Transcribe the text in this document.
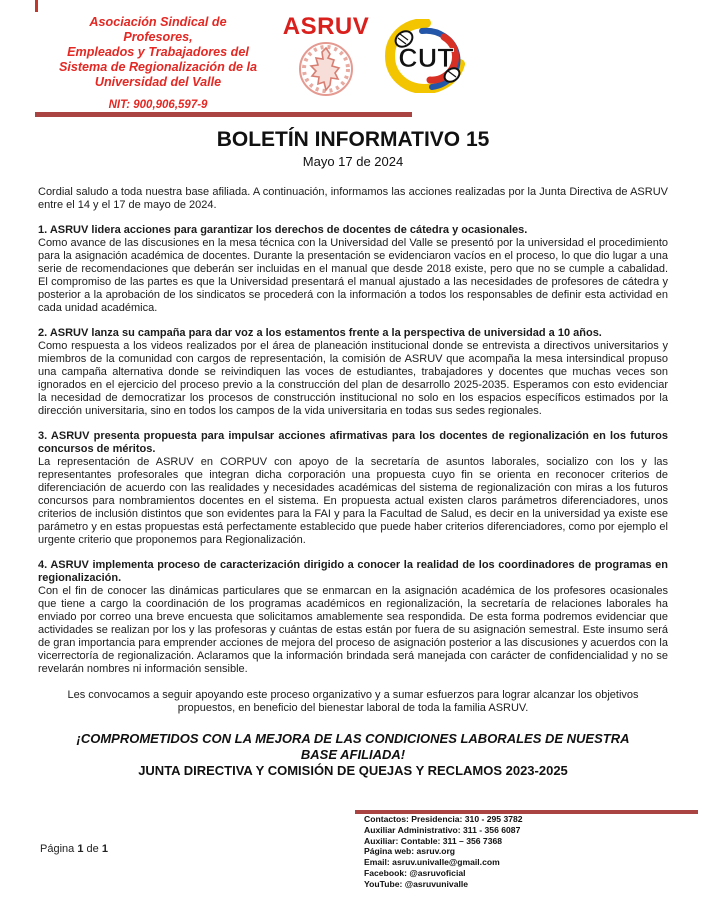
Asociación Sindical de Profesores,
Empleados y Trabajadores del
Sistema de Regionalización de la
Universidad del Valle
NIT: 900,906,597-9
ASRUV
CUT
BOLETÍN INFORMATIVO 15
Mayo 17 de 2024

Cordial saludo a toda nuestra base afiliada. A continuación, informamos las acciones realizadas por la Junta Directiva de ASRUV entre el 14 y el 17 de mayo de 2024.

1. ASRUV lidera acciones para garantizar los derechos de docentes de cátedra y ocasionales.

Como avance de las discusiones en la mesa técnica con la Universidad del Valle se presentó por la universidad el procedimiento para la asignación académica de docentes. Durante la presentación se evidenciaron vacíos en el proceso, lo que dio lugar a una serie de recomendaciones que deberán ser incluidas en el manual que desde 2018 existe, pero que no se cumple a cabalidad. El compromiso de las partes es que la Universidad presentará el manual ajustado a las necesidades de profesores de cátedra y posterior a la aprobación de los sindicatos se procederá con la información a todos los responsables de definir esta actividad en cada unidad académica.

2. ASRUV lanza su campaña para dar voz a los estamentos frente a la perspectiva de universidad a 10 años.

Como respuesta a los videos realizados por el área de planeación institucional donde se entrevista a directivos universitarios y miembros de la comunidad con cargos de representación, la comisión de ASRUV que acompaña la mesa intersindical propuso una campaña alternativa donde se reivindiquen las voces de estudiantes, trabajadores y docentes que muchas veces son ignorados en el ejercicio del proceso previo a la construcción del plan de desarrollo 2025-2035. Esperamos con esto evidenciar la necesidad de democratizar los procesos de construcción institucional no solo en los espacios específicos estimados por la dirección universitaria, sino en todos los campos de la vida universitaria en todas sus sedes regionales.

3. ASRUV presenta propuesta para impulsar acciones afirmativas para los docentes de regionalización en los futuros concursos de méritos.

La representación de ASRUV en CORPUV con apoyo de la secretaría de asuntos laborales, socializo con los y las representantes profesorales que integran dicha corporación una propuesta cuyo fin se orienta en reconocer criterios de diferenciación de acuerdo con las realidades y necesidades académicas del sistema de regionalización con miras a los futuros concursos para nombramientos docentes en el sistema. En propuesta actual existen claros parámetros diferenciadores, unos criterios de inclusión distintos que son evidentes para la FAI y para la Facultad de Salud, es decir en la universidad ya existe ese parámetro y en estas propuestas está perfectamente establecido que puede haber criterios diferenciadores, como por ejemplo el urgente criterio que proponemos para Regionalización.

4. ASRUV implementa proceso de caracterización dirigido a conocer la realidad de los coordinadores de programas en regionalización.

Con el fin de conocer las dinámicas particulares que se enmarcan en la asignación académica de los profesores ocasionales que tiene a cargo la coordinación de los programas académicos en regionalización, la secretaría de relaciones laborales ha enviado por correo una breve encuesta que solicitamos amablemente sea respondida. De esta forma podremos evidenciar que actividades se realizan por los y las profesoras y cuántas de estas están por fuera de su asignación semestral. Este insumo será de gran importancia para emprender acciones de mejora del proceso de asignación posterior a las discusiones y acuerdos con la vicerrectoría de regionalización. Aclaramos que la información brindada será manejada con carácter de confidencialidad y no se revelarán nombres ni información sensible.

Les convocamos a seguir apoyando este proceso organizativo y a sumar esfuerzos para lograr alcanzar los objetivos propuestos, en beneficio del bienestar laboral de toda la familia ASRUV.

¡COMPROMETIDOS CON LA MEJORA DE LAS CONDICIONES LABORALES DE NUESTRA BASE AFILIADA!
JUNTA DIRECTIVA Y COMISIÓN DE QUEJAS Y RECLAMOS 2023-2025
Página 1 de 1
Contactos: Presidencia: 310 - 295 3782
Auxiliar Administrativo: 311 - 356 6087
Auxiliar: Contable: 311 – 356 7368
Página web: asruv.org
Email: asruv.univalle@gmail.com
Facebook: @asruvoficial
YouTube: @asruvunivalle
